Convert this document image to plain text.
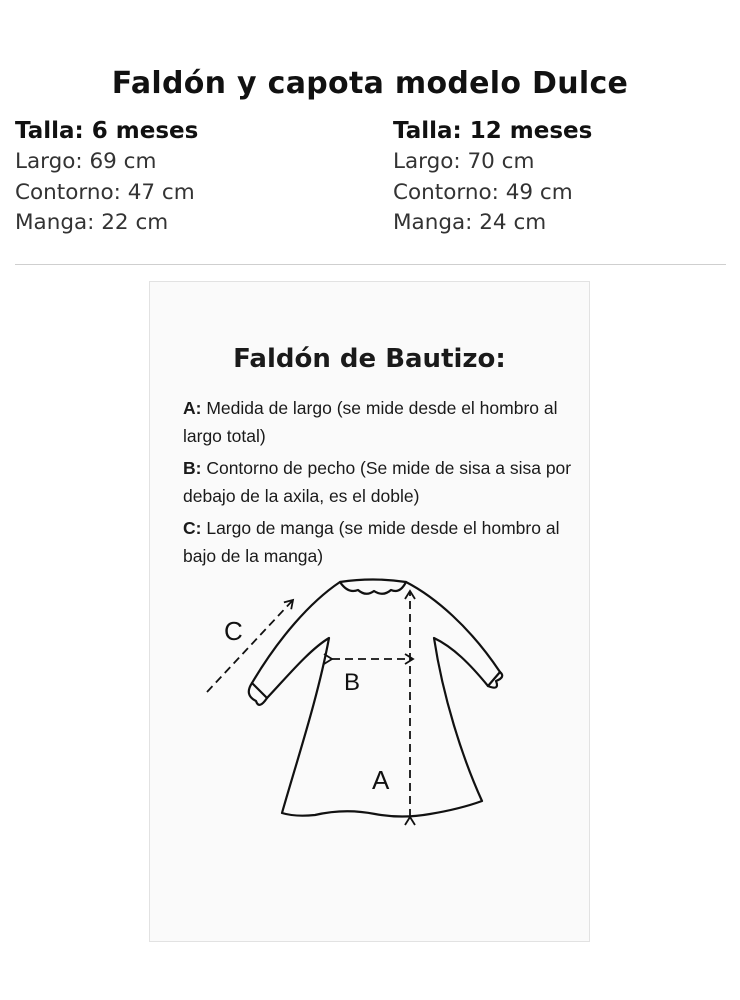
Faldón y capota modelo Dulce
Talla: 6 meses
Largo: 69 cm
Contorno: 47 cm
Manga: 22 cm
Talla: 12 meses
Largo: 70 cm
Contorno: 49 cm
Manga: 24 cm
Faldón de Bautizo:
A: Medida de largo (se mide desde el hombro al largo total)
B: Contorno de pecho (Se mide de sisa a sisa por debajo de la axila, es el doble)
C: Largo de manga (se mide desde el hombro al bajo de la manga)
C
B
A
